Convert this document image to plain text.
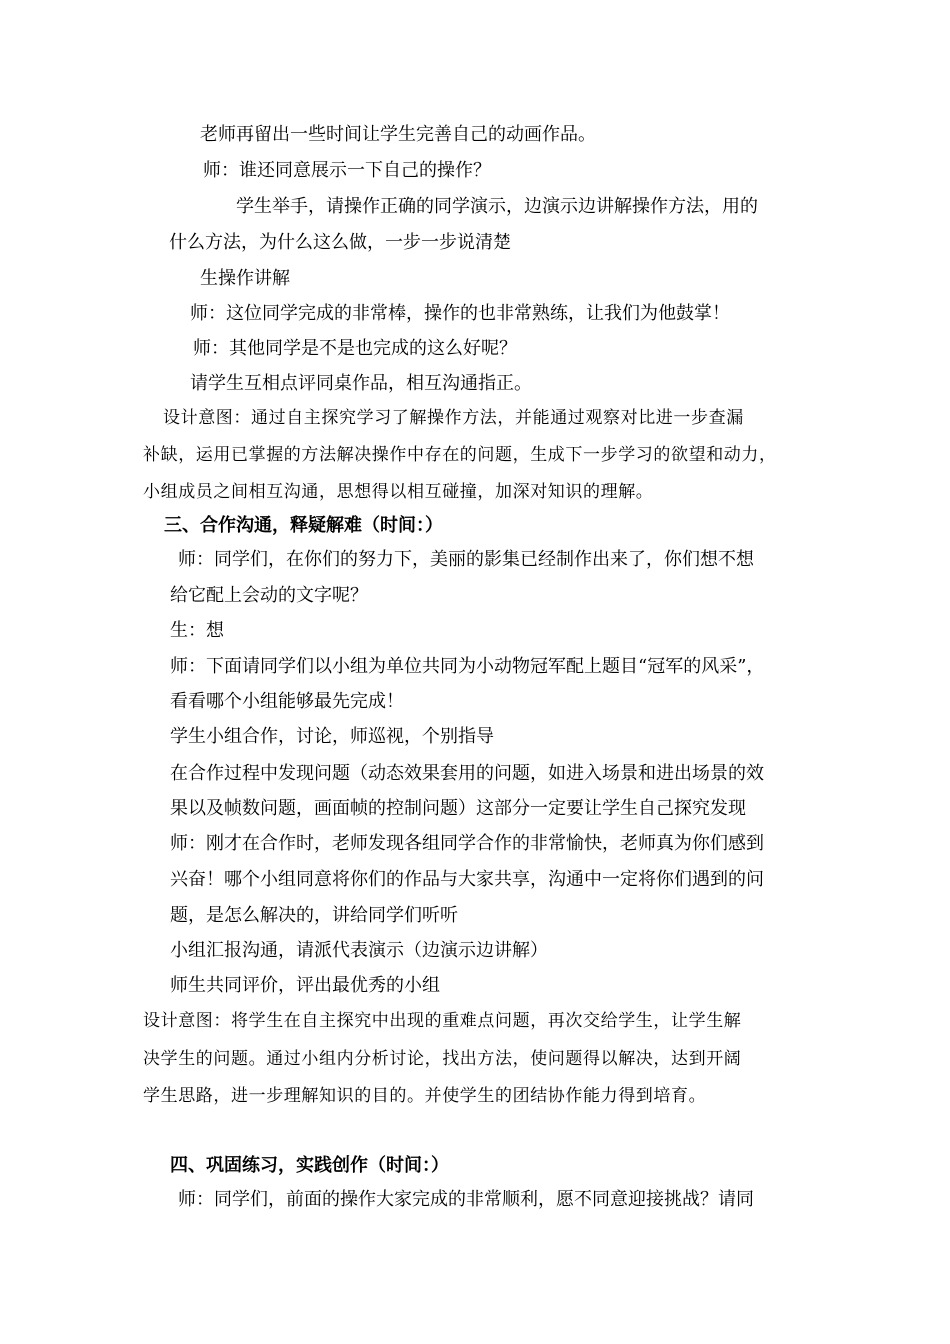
老师再留出一些时间让学生完善自己的动画作品。
师：谁还同意展示一下自己的操作？
学生举手，请操作正确的同学演示，边演示边讲解操作方法，用的
什么方法，为什么这么做，一步一步说清楚
生操作讲解
师：这位同学完成的非常棒，操作的也非常熟练，让我们为他鼓掌！
师：其他同学是不是也完成的这么好呢？
请学生互相点评同桌作品，相互沟通指正。
设计意图：通过自主探究学习了解操作方法，并能通过观察对比进一步查漏
补缺，运用已掌握的方法解决操作中存在的问题，生成下一步学习的欲望和动力，
小组成员之间相互沟通，思想得以相互碰撞，加深对知识的理解。
三、合作沟通，释疑解难（时间：）
师：同学们，在你们的努力下，美丽的影集已经制作出来了，你们想不想
给它配上会动的文字呢？
生：想
师：下面请同学们以小组为单位共同为小动物冠军配上题目“冠军的风采”，
看看哪个小组能够最先完成！
学生小组合作，讨论，师巡视，个别指导
在合作过程中发现问题（动态效果套用的问题，如进入场景和进出场景的效
果以及帧数问题，画面帧的控制问题）这部分一定要让学生自己探究发现
师：刚才在合作时，老师发现各组同学合作的非常愉快，老师真为你们感到
兴奋！哪个小组同意将你们的作品与大家共享，沟通中一定将你们遇到的问
题，是怎么解决的，讲给同学们听听
小组汇报沟通，请派代表演示（边演示边讲解）
师生共同评价，评出最优秀的小组
设计意图：将学生在自主探究中出现的重难点问题，再次交给学生，让学生解
决学生的问题。通过小组内分析讨论，找出方法，使问题得以解决，达到开阔
学生思路，进一步理解知识的目的。并使学生的团结协作能力得到培育。
四、巩固练习，实践创作（时间：）
师：同学们，前面的操作大家完成的非常顺利，愿不同意迎接挑战？请同
